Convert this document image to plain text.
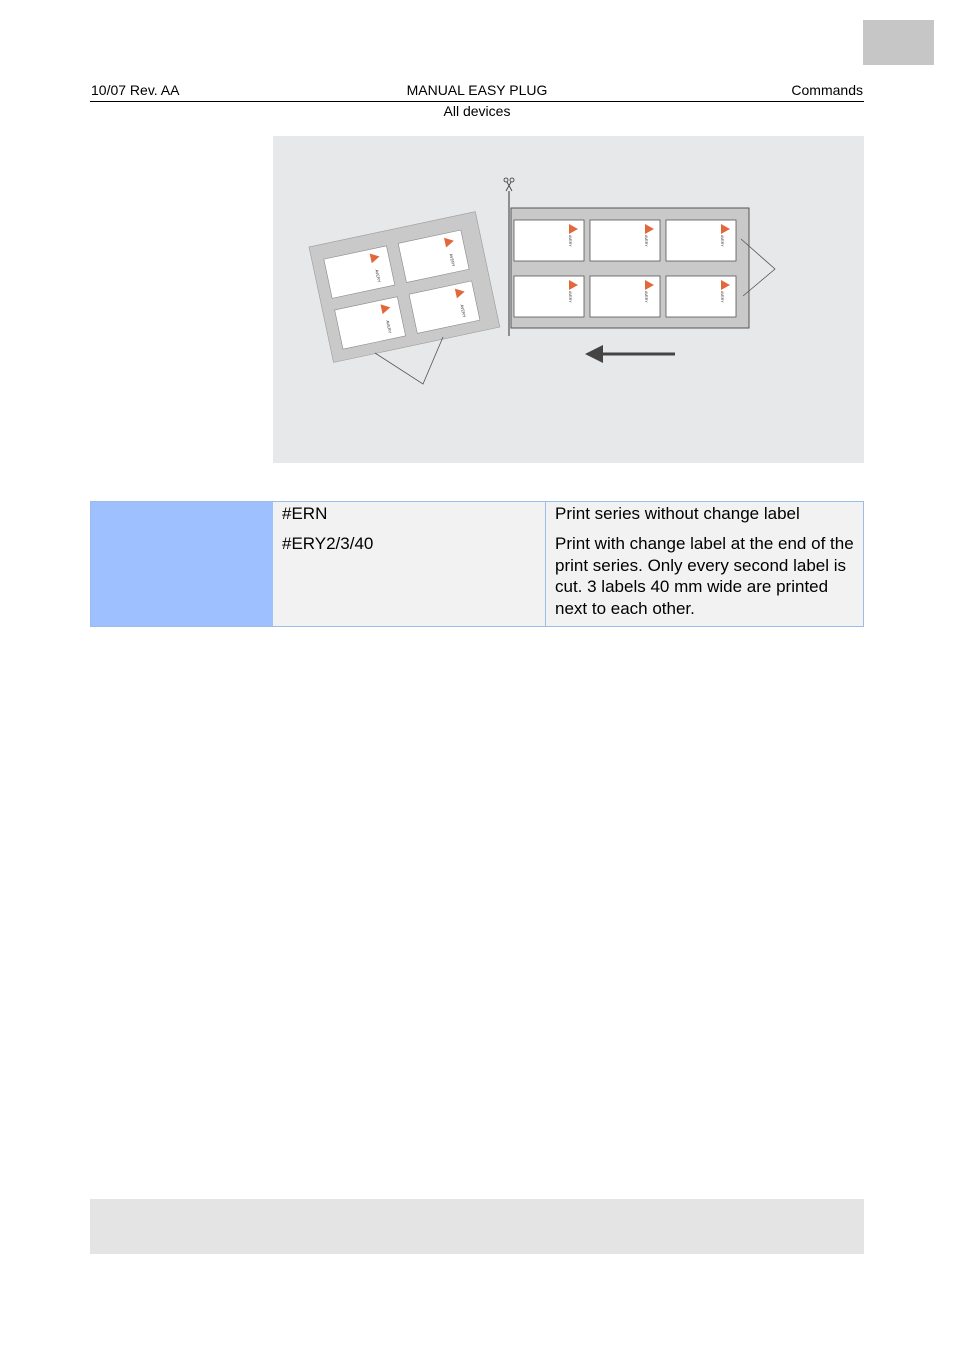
10/07 Rev. AA	MANUAL EASY PLUG	Commands
All devices
AVERY
AVERY
AVERY
AVERY
AVERY	AVERY	AVERY
AVERY	AVERY	AVERY
#ERN	Print series without change label
#ERY2/3/40	Print with change label at the end of the print series. Only every second label is cut. 3 labels 40 mm wide are printed next to each other.
